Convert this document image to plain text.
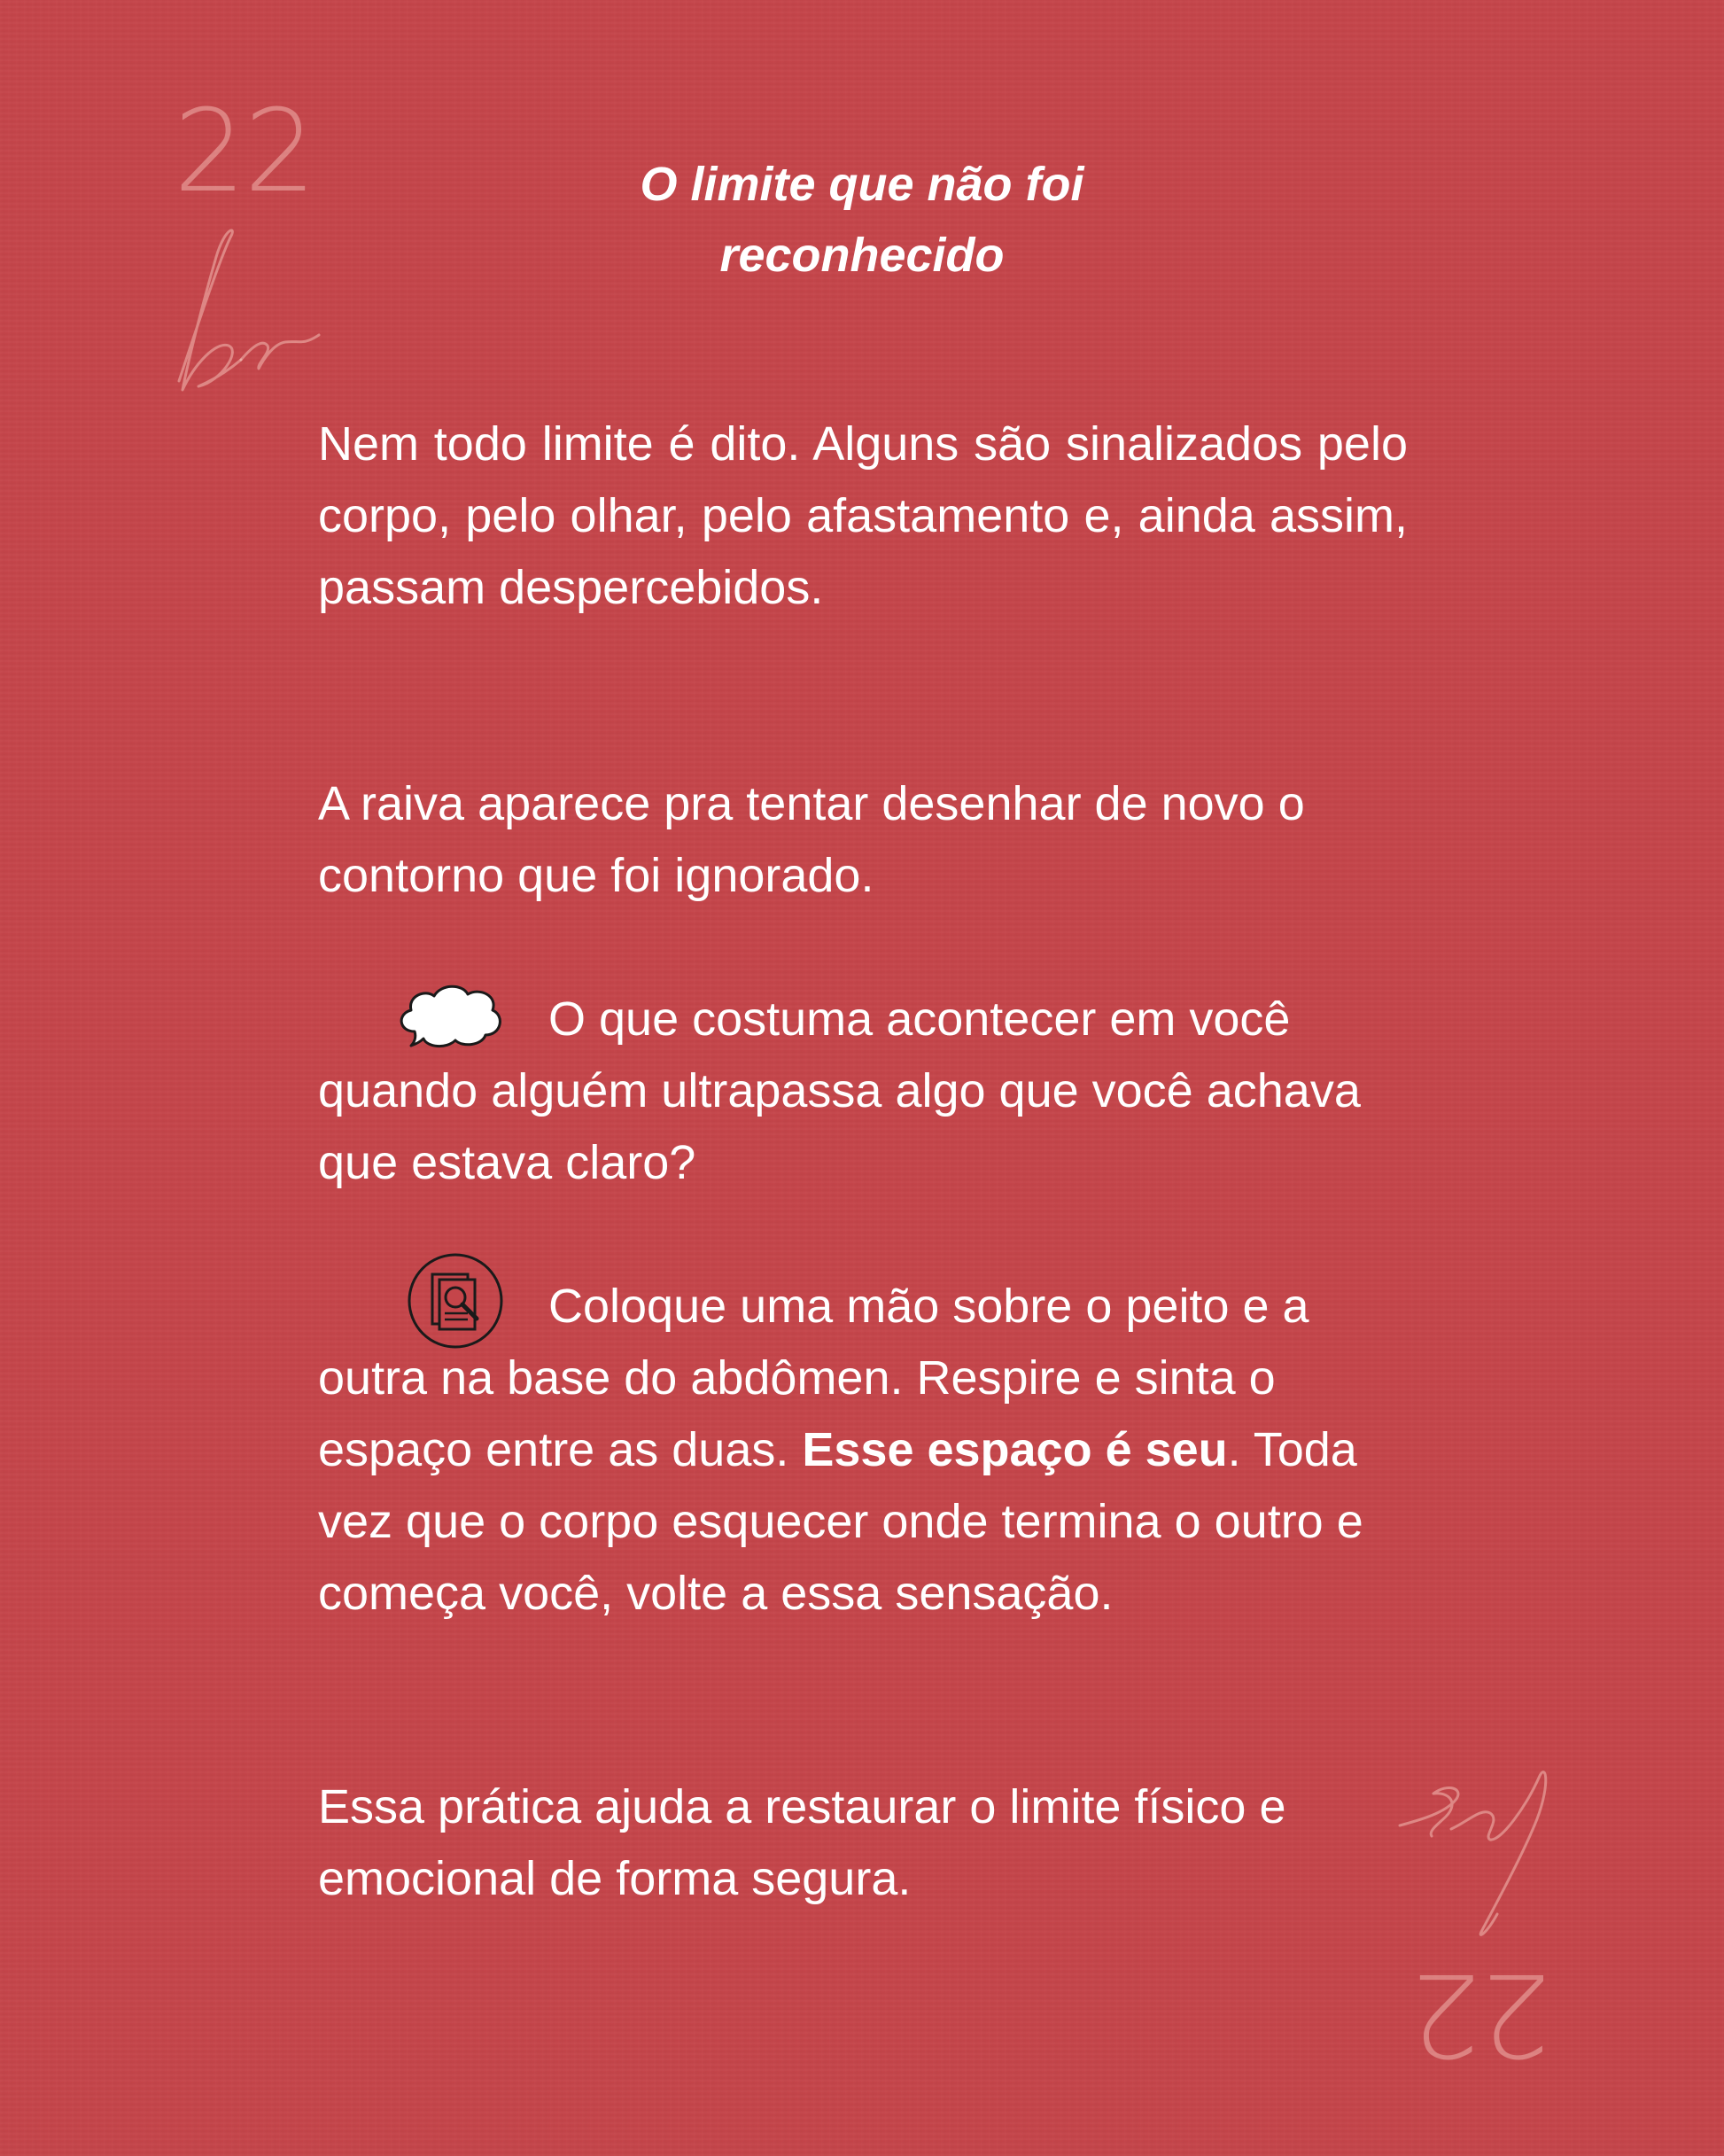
22
22
O limite que não foi
reconhecido
Nem todo limite é dito. Alguns são sinalizados pelo corpo, pelo olhar, pelo afastamento e, ainda assim, passam despercebidos.
A raiva aparece pra tentar desenhar de novo o contorno que foi ignorado.
O que costuma acontecer em você quando alguém ultrapassa algo que você achava que estava claro?
Coloque uma mão sobre o peito e a outra na base do abdômen. Respire e sinta o espaço entre as duas. Esse espaço é seu. Toda vez que o corpo esquecer onde termina o outro e começa você, volte a essa sensação.
Essa prática ajuda a restaurar o limite físico e emocional de forma segura.
